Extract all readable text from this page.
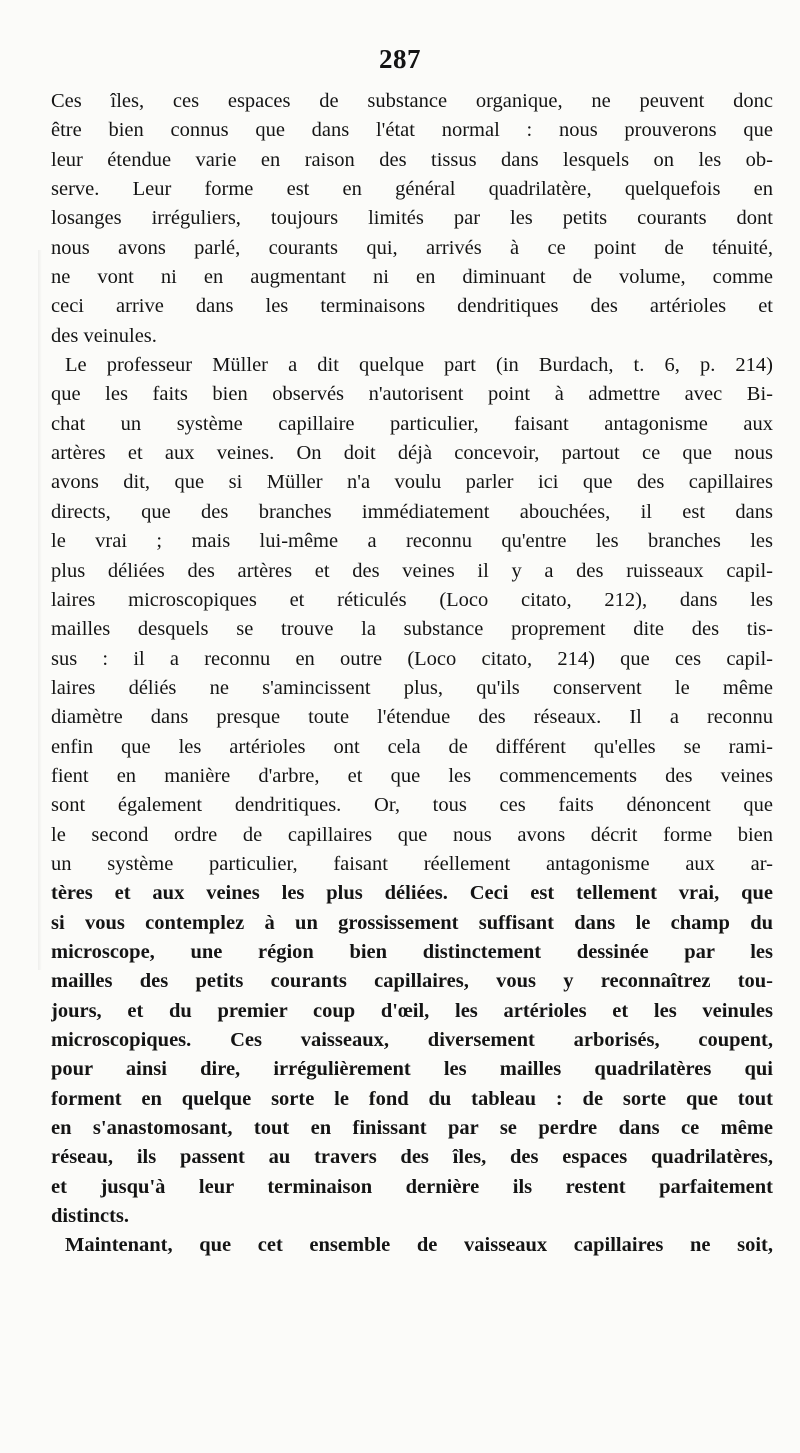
287
Ces îles, ces espaces de substance organique, ne peuvent donc
être bien connus que dans l'état normal : nous prouverons que
leur étendue varie en raison des tissus dans lesquels on les ob-
serve. Leur forme est en général quadrilatère, quelquefois en
losanges irréguliers, toujours limités par les petits courants dont
nous avons parlé, courants qui, arrivés à ce point de ténuité,
ne vont ni en augmentant ni en diminuant de volume, comme
ceci arrive dans les terminaisons dendritiques des artérioles et
des veinules.
Le professeur Müller a dit quelque part (in Burdach, t. 6, p. 214)
que les faits bien observés n'autorisent point à admettre avec Bi-
chat un système capillaire particulier, faisant antagonisme aux
artères et aux veines. On doit déjà concevoir, partout ce que nous
avons dit, que si Müller n'a voulu parler ici que des capillaires
directs, que des branches immédiatement abouchées, il est dans
le vrai ; mais lui-même a reconnu qu'entre les branches les
plus déliées des artères et des veines il y a des ruisseaux capil-
laires microscopiques et réticulés (Loco citato, 212), dans les
mailles desquels se trouve la substance proprement dite des tis-
sus : il a reconnu en outre (Loco citato, 214) que ces capil-
laires déliés ne s'amincissent plus, qu'ils conservent le même
diamètre dans presque toute l'étendue des réseaux. Il a reconnu
enfin que les artérioles ont cela de différent qu'elles se rami-
fient en manière d'arbre, et que les commencements des veines
sont également dendritiques. Or, tous ces faits dénoncent que
le second ordre de capillaires que nous avons décrit forme bien
un système particulier, faisant réellement antagonisme aux ar-
tères et aux veines les plus déliées. Ceci est tellement vrai, que
si vous contemplez à un grossissement suffisant dans le champ du
microscope, une région bien distinctement dessinée par les
mailles des petits courants capillaires, vous y reconnaîtrez tou-
jours, et du premier coup d'œil, les artérioles et les veinules
microscopiques. Ces vaisseaux, diversement arborisés, coupent,
pour ainsi dire, irrégulièrement les mailles quadrilatères qui
forment en quelque sorte le fond du tableau : de sorte que tout
en s'anastomosant, tout en finissant par se perdre dans ce même
réseau, ils passent au travers des îles, des espaces quadrilatères,
et jusqu'à leur terminaison dernière ils restent parfaitement
distincts.
Maintenant, que cet ensemble de vaisseaux capillaires ne soit,
